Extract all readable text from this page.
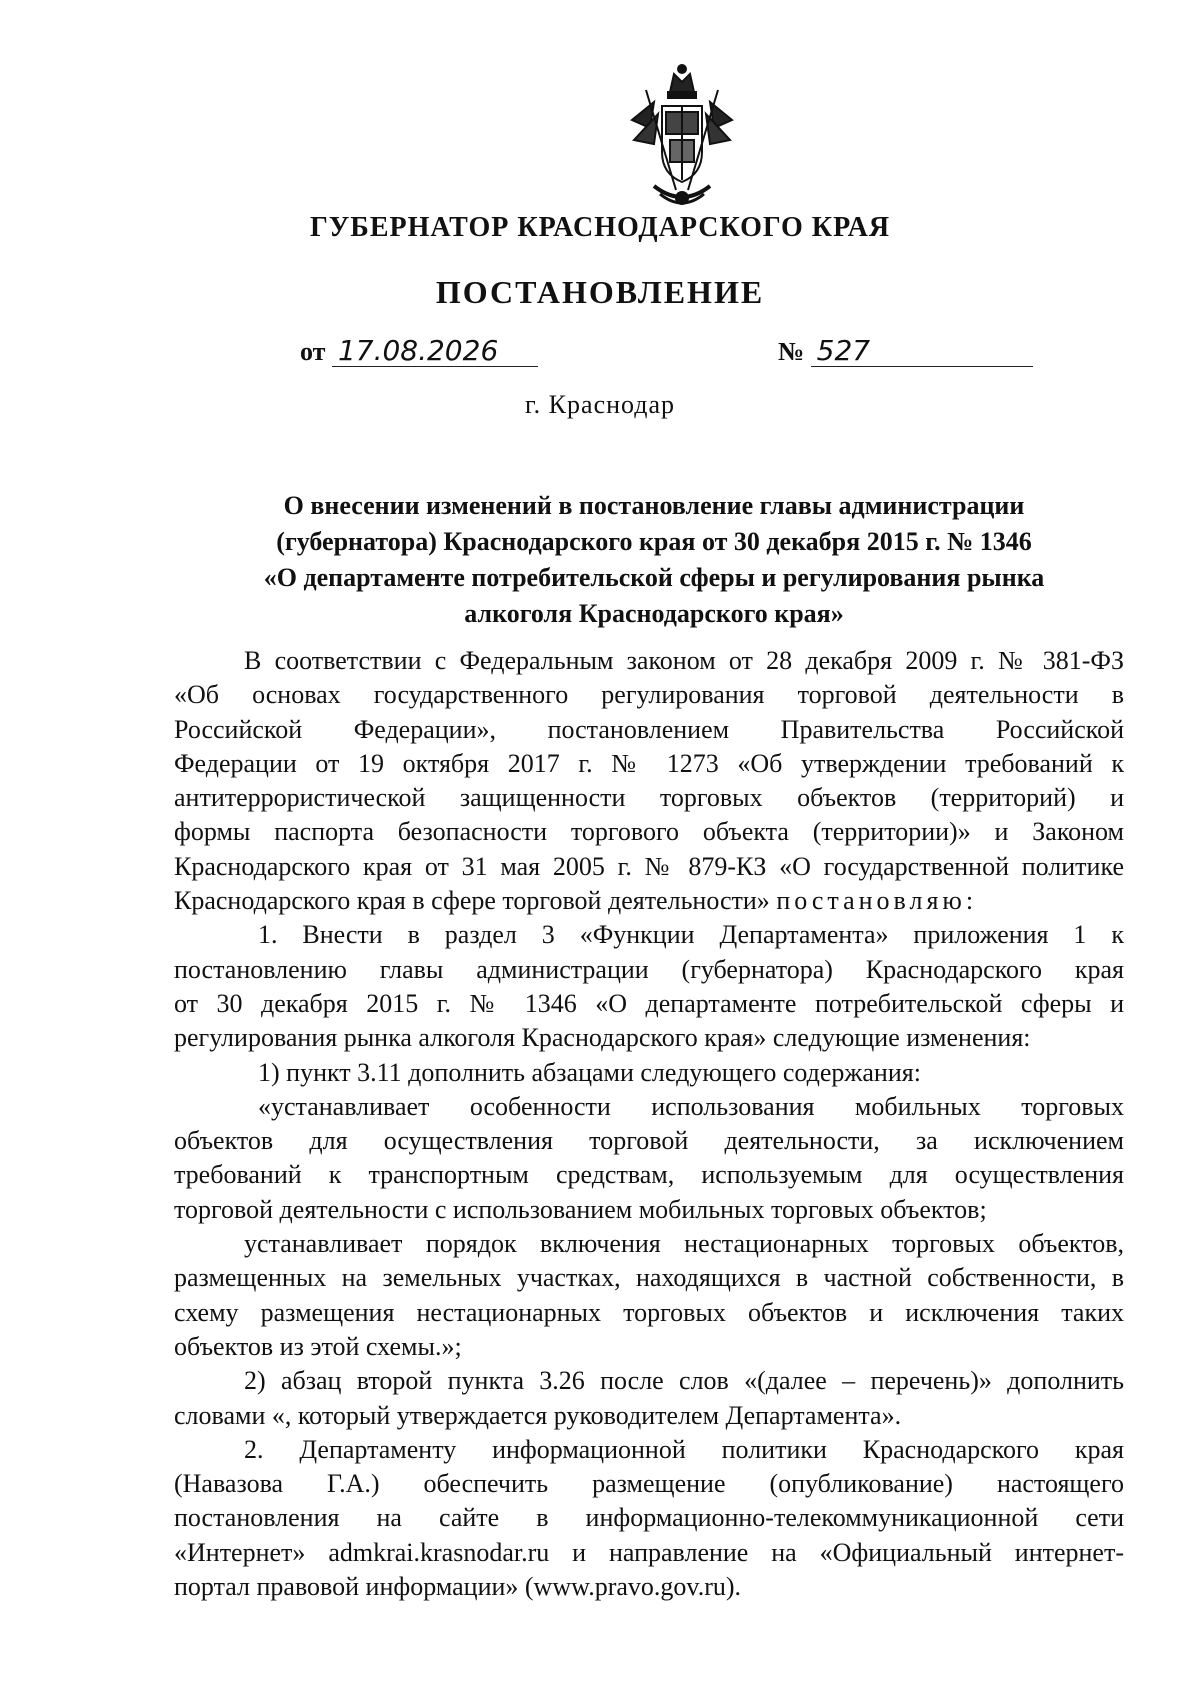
ГУБЕРНАТОР КРАСНОДАРСКОГО КРАЯ
ПОСТАНОВЛЕНИЕ
от 17.08.2026	№ 527
г. Краснодар
О внесении изменений в постановление главы администрации
(губернатора) Краснодарского края от 30 декабря 2015 г. № 1346
«О департаменте потребительской сферы и регулирования рынка
алкоголя Краснодарского края»
В соответствии с Федеральным законом от 28 декабря 2009 г. № 381-ФЗ
«Об основах государственного регулирования торговой деятельности в
Российской Федерации», постановлением Правительства Российской
Федерации от 19 октября 2017 г. № 1273 «Об утверждении требований к
антитеррористической защищенности торговых объектов (территорий) и
формы паспорта безопасности торгового объекта (территории)» и Законом
Краснодарского края от 31 мая 2005 г. № 879-КЗ «О государственной политике
Краснодарского края в сфере торговой деятельности» постановляю:
1. Внести в раздел 3 «Функции Департамента» приложения 1 к
постановлению главы администрации (губернатора) Краснодарского края
от 30 декабря 2015 г. № 1346 «О департаменте потребительской сферы и
регулирования рынка алкоголя Краснодарского края» следующие изменения:
1) пункт 3.11 дополнить абзацами следующего содержания:
«устанавливает особенности использования мобильных торговых
объектов для осуществления торговой деятельности, за исключением
требований к транспортным средствам, используемым для осуществления
торговой деятельности с использованием мобильных торговых объектов;
устанавливает порядок включения нестационарных торговых объектов,
размещенных на земельных участках, находящихся в частной собственности, в
схему размещения нестационарных торговых объектов и исключения таких
объектов из этой схемы.»;
2) абзац второй пункта 3.26 после слов «(далее – перечень)» дополнить
словами «, который утверждается руководителем Департамента».
2. Департаменту информационной политики Краснодарского края
(Навазова Г.А.) обеспечить размещение (опубликование) настоящего
постановления на сайте в информационно-телекоммуникационной сети
«Интернет» admkrai.krasnodar.ru и направление на «Официальный интернет-
портал правовой информации» (www.pravo.gov.ru).
